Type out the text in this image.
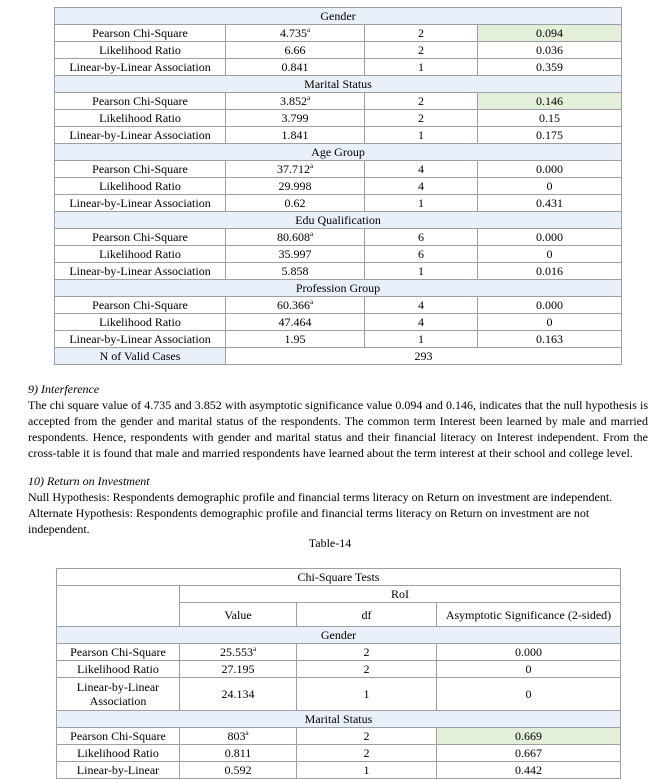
Gender			
Pearson Chi-Square	4.735$^a$	2	0.094
Likelihood Ratio	6.66	2	0.036
Linear-by-Linear Association	0.841	1	0.359
Marital Status			
Pearson Chi-Square	3.852$^a$	2	0.146
Likelihood Ratio	3.799	2	0.15
Linear-by-Linear Association	1.841	1	0.175
Age Group			
Pearson Chi-Square	37.712$^a$	4	0.000
Likelihood Ratio	29.998	4	0
Linear-by-Linear Association	0.62	1	0.431
Edu Qualification			
Pearson Chi-Square	80.608$^a$	6	0.000
Likelihood Ratio	35.997	6	0
Linear-by-Linear Association	5.858	1	0.016
Profession Group			
Pearson Chi-Square	60.366$^a$	4	0.000
Likelihood Ratio	47.464	4	0
Linear-by-Linear Association	1.95	1	0.163
N of Valid Cases	293		
9) Interference
The chi square value of 4.735 and 3.852 with asymptotic significance value 0.094 and 0.146, indicates that the null hypothesis is accepted from the gender and marital status of the respondents. The common term Interest been learned by male and married respondents. Hence, respondents with gender and marital status and their financial literacy on Interest independent. From the cross-table it is found that male and married respondents have learned about the term interest at their school and college level.
10) Return on Investment
Null Hypothesis: Respondents demographic profile and financial terms literacy on Return on investment are independent.
Alternate Hypothesis: Respondents demographic profile and financial terms literacy on Return on investment are not independent.
Table-14
Chi-Square Tests			
	RoI		
	Value	df	Asymptotic Significance (2-sided)
Gender			
Pearson Chi-Square	25.553$^a$	2	0.000
Likelihood Ratio	27.195	2	0
Linear-by-Linear Association	24.134	1	0
Marital Status			
Pearson Chi-Square	803$^a$	2	0.669
Likelihood Ratio	0.811	2	0.667
Linear-by-Linear	0.592	1	0.442
